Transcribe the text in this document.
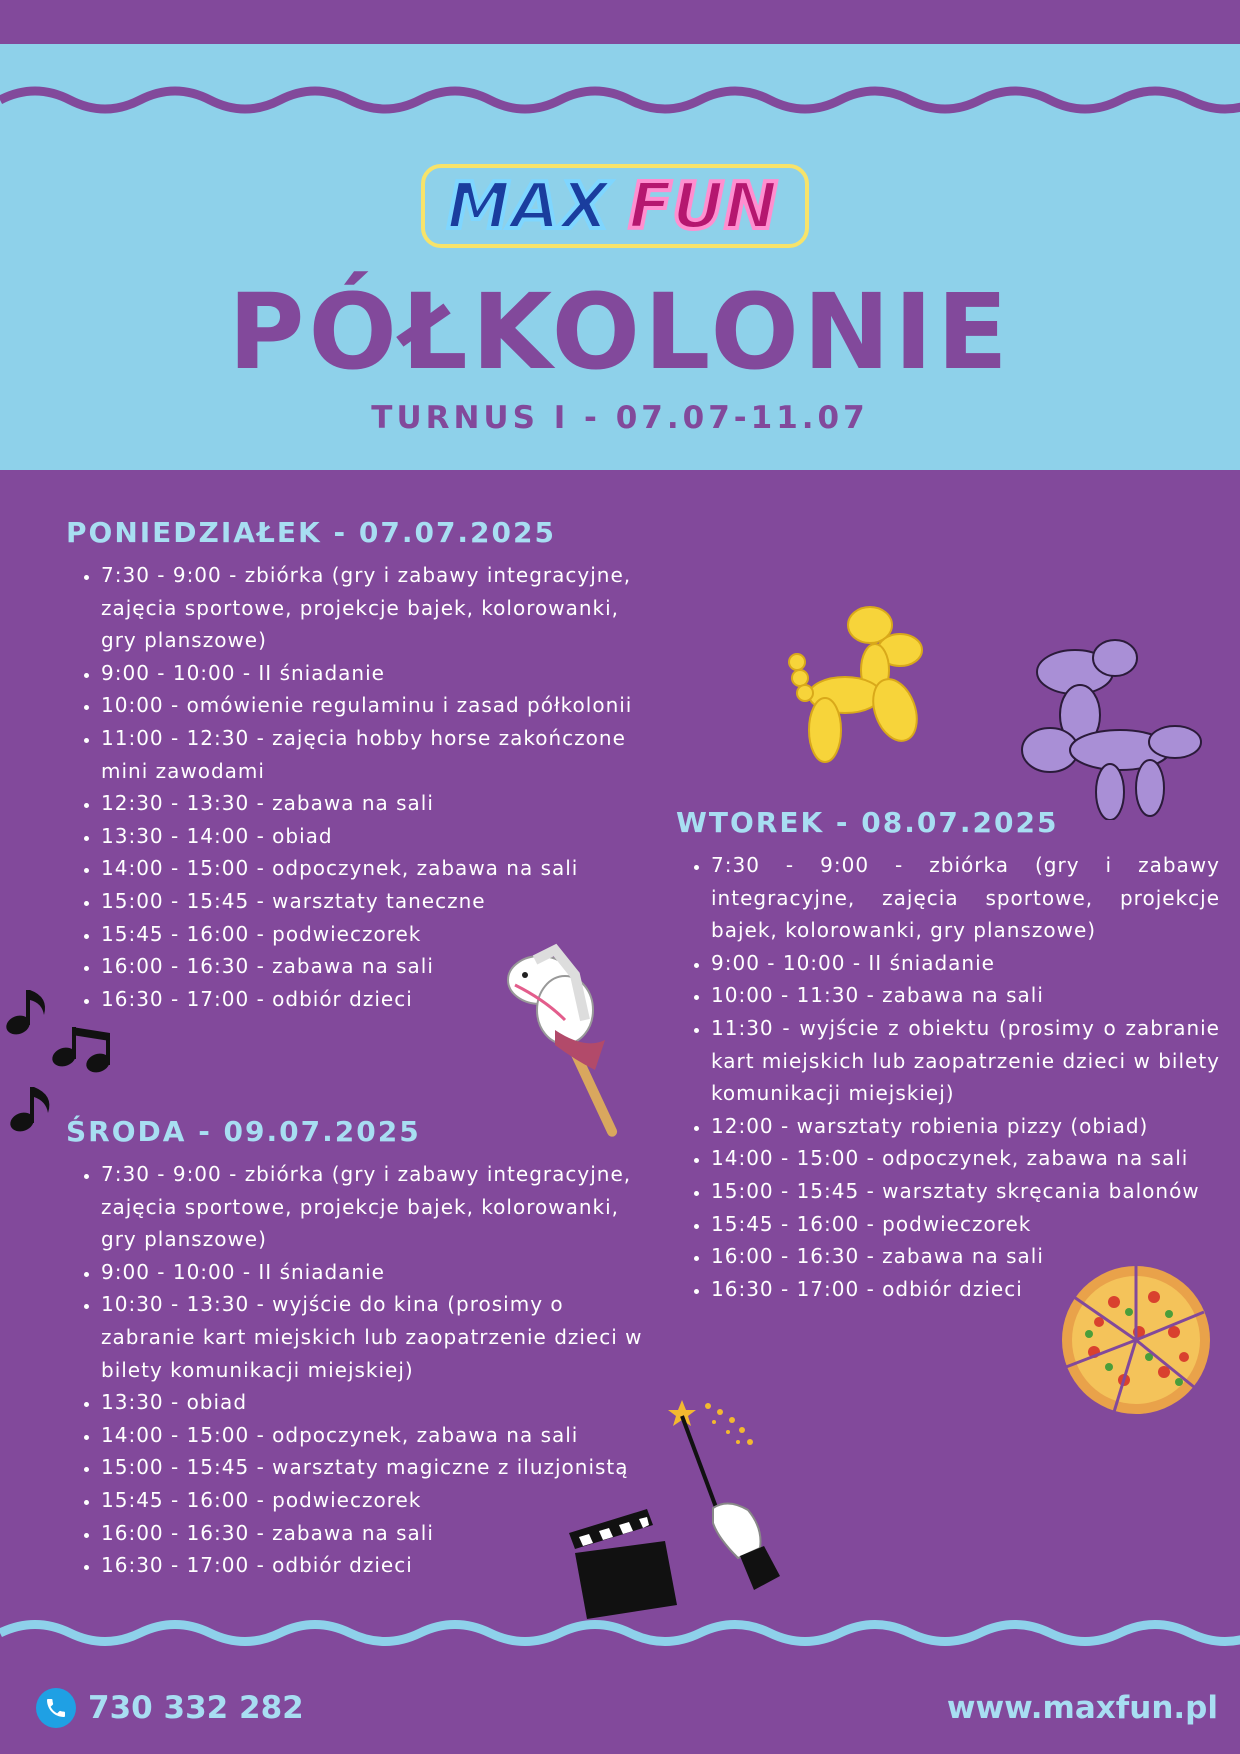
MAX FUN
PÓŁKOLONIE
TURNUS I - 07.07-11.07
PONIEDZIAŁEK - 07.07.2025
• 7:30 - 9:00 - zbiórka (gry i zabawy integracyjne, zajęcia sportowe, projekcje bajek, kolorowanki, gry planszowe)
• 9:00 - 10:00 - II śniadanie
• 10:00 - omówienie regulaminu i zasad półkolonii
• 11:00 - 12:30 - zajęcia hobby horse zakończone mini zawodami
• 12:30 - 13:30 - zabawa na sali
• 13:30 - 14:00 - obiad
• 14:00 - 15:00 - odpoczynek, zabawa na sali
• 15:00 - 15:45 - warsztaty taneczne
• 15:45 - 16:00 - podwieczorek
• 16:00 - 16:30 - zabawa na sali
• 16:30 - 17:00 - odbiór dzieci
WTOREK - 08.07.2025
• 7:30 - 9:00 - zbiórka (gry i zabawy integracyjne, zajęcia sportowe, projekcje bajek, kolorowanki, gry planszowe)
• 9:00 - 10:00 - II śniadanie
• 10:00 - 11:30 - zabawa na sali
• 11:30 - wyjście z obiektu (prosimy o zabranie kart miejskich lub zaopatrzenie dzieci w bilety komunikacji miejskiej)
• 12:00 - warsztaty robienia pizzy (obiad)
• 14:00 - 15:00 - odpoczynek, zabawa na sali
• 15:00 - 15:45 - warsztaty skręcania balonów
• 15:45 - 16:00 - podwieczorek
• 16:00 - 16:30 - zabawa na sali
• 16:30 - 17:00 - odbiór dzieci
ŚRODA - 09.07.2025
• 7:30 - 9:00 - zbiórka (gry i zabawy integracyjne, zajęcia sportowe, projekcje bajek, kolorowanki, gry planszowe)
• 9:00 - 10:00 - II śniadanie
• 10:30 - 13:30 - wyjście do kina (prosimy o zabranie kart miejskich lub zaopatrzenie dzieci w bilety komunikacji miejskiej)
• 13:30 - obiad
• 14:00 - 15:00 - odpoczynek, zabawa na sali
• 15:00 - 15:45 - warsztaty magiczne z iluzjonistą
• 15:45 - 16:00 - podwieczorek
• 16:00 - 16:30 - zabawa na sali
• 16:30 - 17:00 - odbiór dzieci
730 332 282	www.maxfun.pl
